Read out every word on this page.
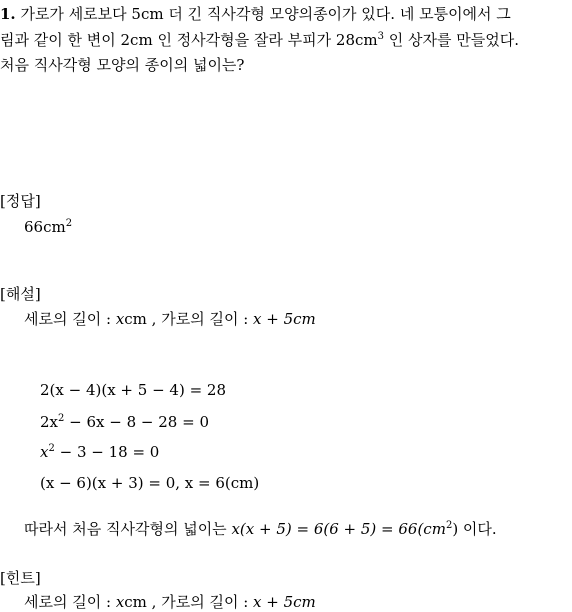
1. 가로가 세로보다 5cm 더 긴 직사각형 모양의종이가 있다. 네 모퉁이에서 그
림과 같이 한 변이 2cm 인 정사각형을 잘라 부피가 $28cm^3$ 인 상자를 만들었다.
처음 직사각형 모양의 종이의 넓이는?
[정답]
$66cm^2$
[해설]
세로의 길이 : xcm , 가로의 길이 : x + 5cm
2(x − 4)(x + 5 − 4) = 28
$2x^2 - 6x - 8 - 28 = 0$
$x^2 - 3 - 18 = 0$
(x − 6)(x + 3) = 0, x = 6(cm)
따라서 처음 직사각형의 넓이는 $x(x + 5) = 6(6 + 5) = 66(cm^2)$ 이다.
[힌트]
세로의 길이 : xcm , 가로의 길이 : x + 5cm
